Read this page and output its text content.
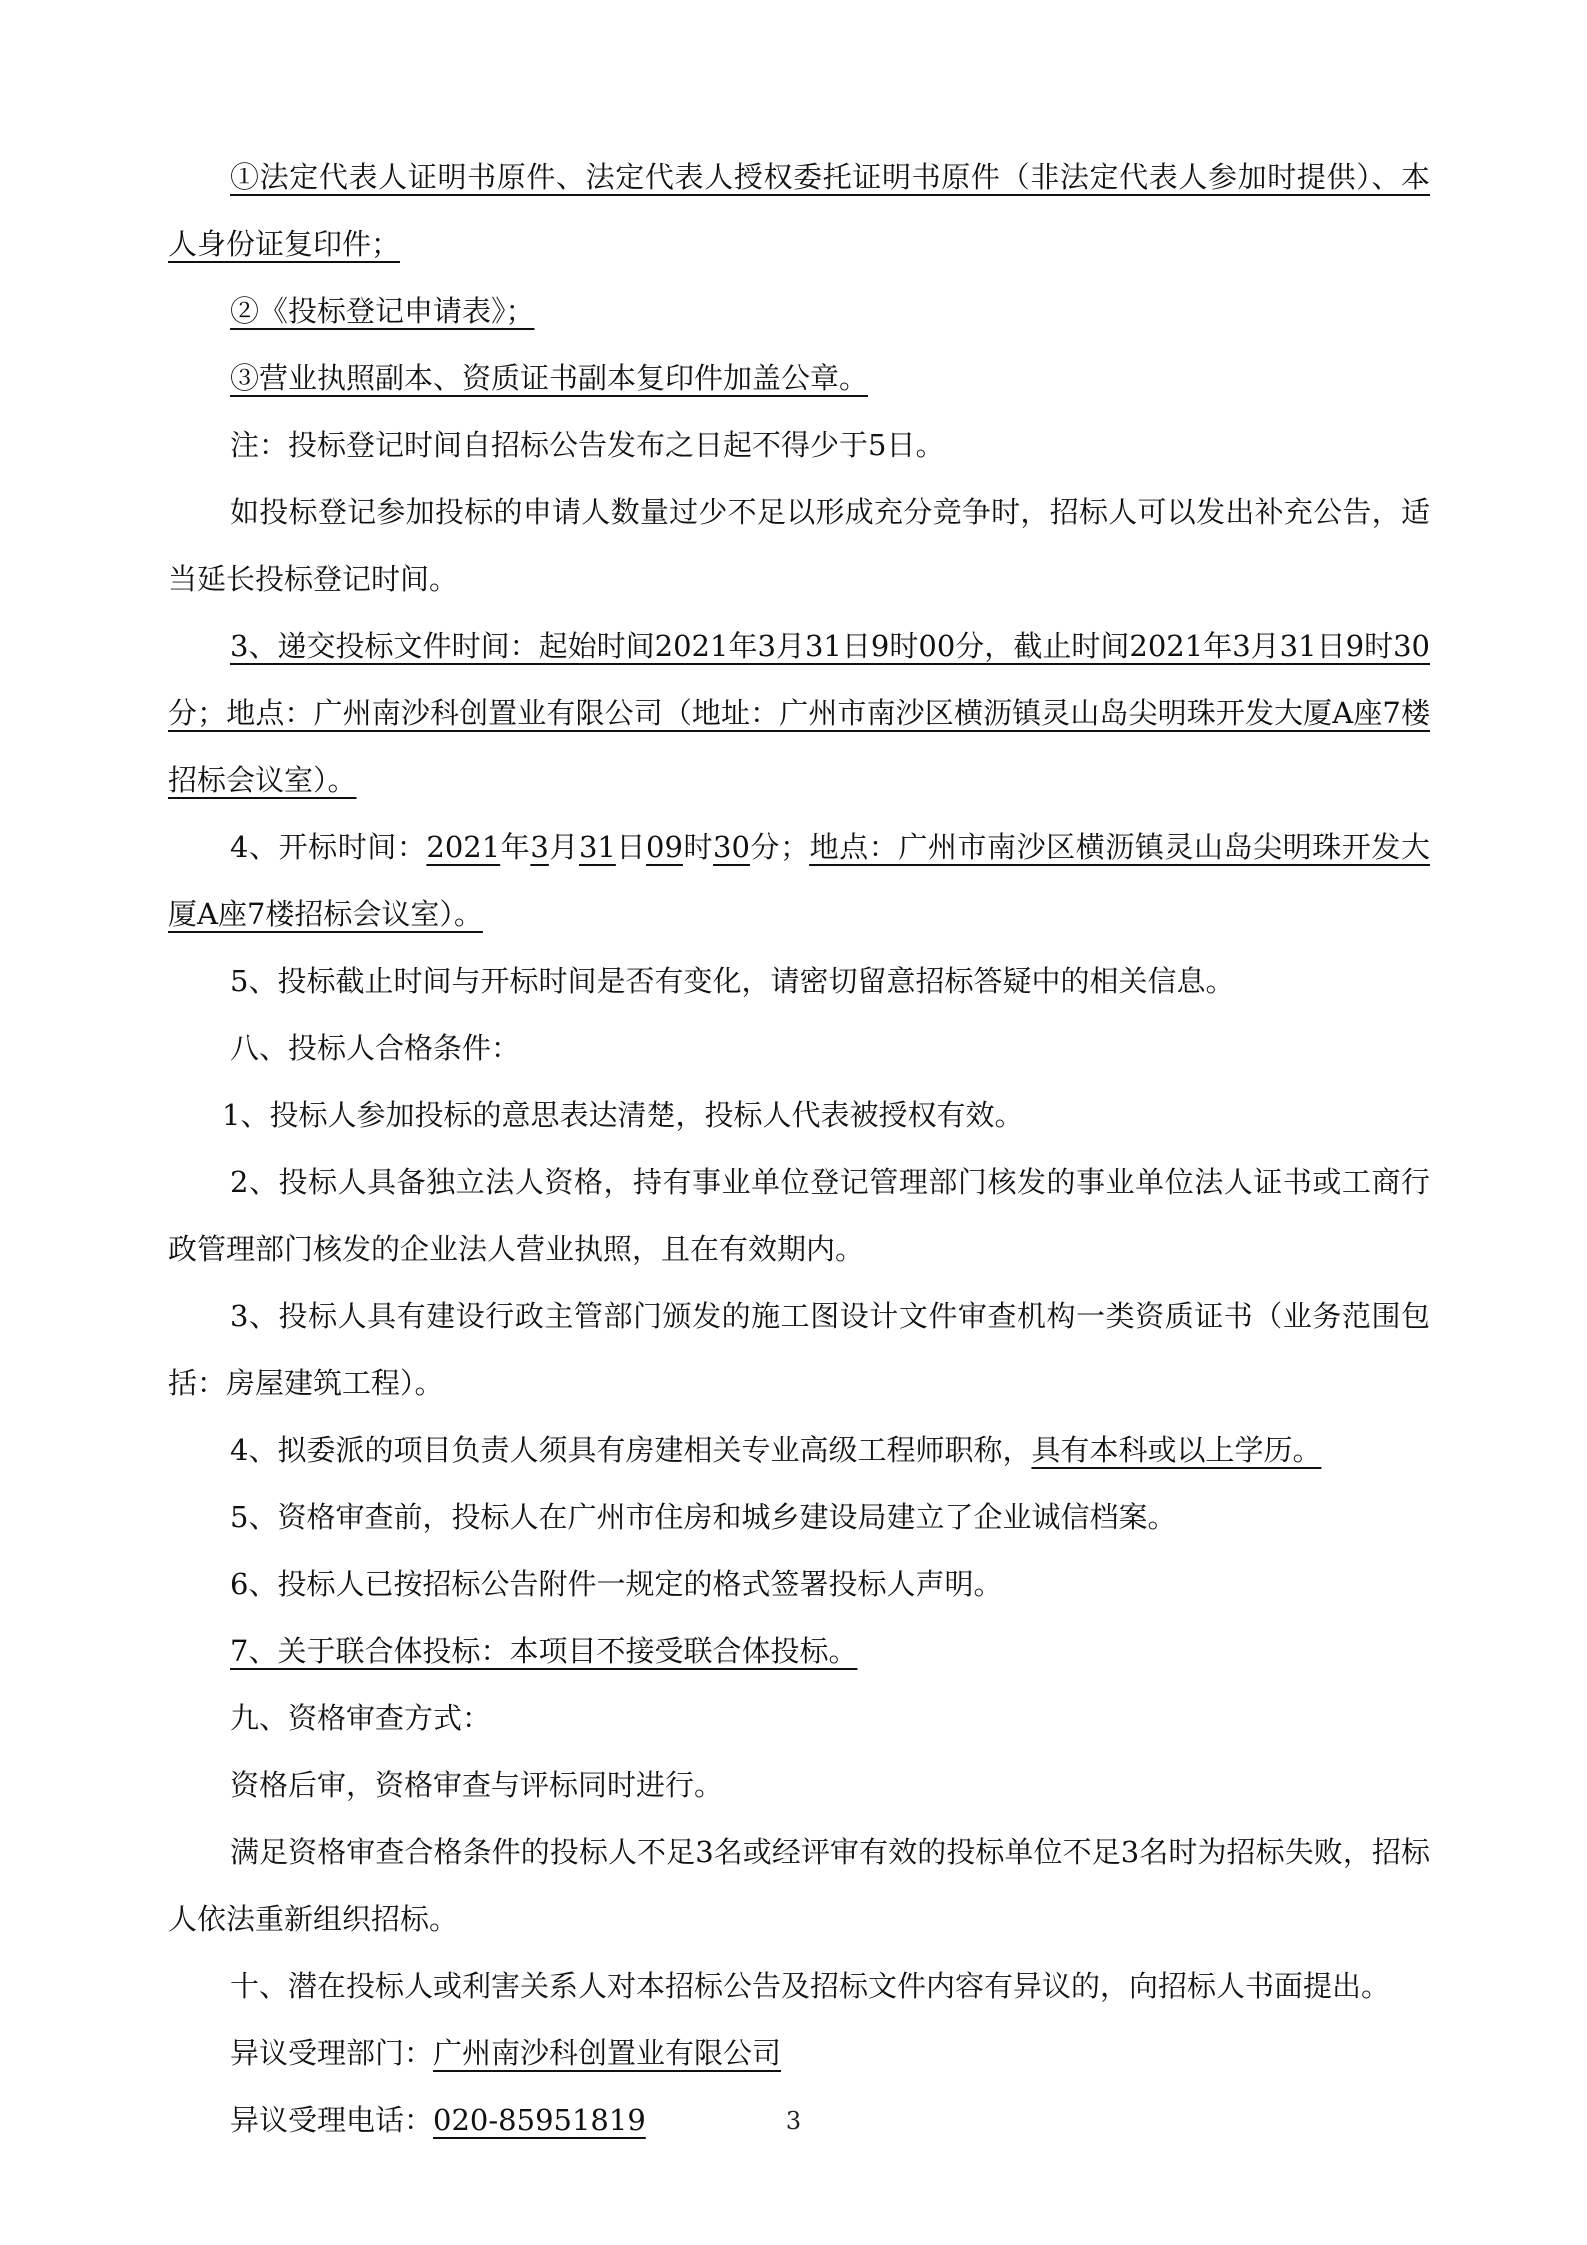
①法定代表人证明书原件、法定代表人授权委托证明书原件（非法定代表人参加时提供）、本人身份证复印件；

②《投标登记申请表》；

③营业执照副本、资质证书副本复印件加盖公章。

注：投标登记时间自招标公告发布之日起不得少于5日。

如投标登记参加投标的申请人数量过少不足以形成充分竞争时，招标人可以发出补充公告，适当延长投标登记时间。

3、递交投标文件时间：起始时间2021年3月31日9时00分，截止时间2021年3月31日9时30分；地点：广州南沙科创置业有限公司（地址：广州市南沙区横沥镇灵山岛尖明珠开发大厦A座7楼招标会议室）。

4、开标时间：2021年3月31日09时30分；地点：广州市南沙区横沥镇灵山岛尖明珠开发大厦A座7楼招标会议室）。

5、投标截止时间与开标时间是否有变化，请密切留意招标答疑中的相关信息。

八、投标人合格条件：

1、投标人参加投标的意思表达清楚，投标人代表被授权有效。

2、投标人具备独立法人资格，持有事业单位登记管理部门核发的事业单位法人证书或工商行政管理部门核发的企业法人营业执照，且在有效期内。

3、投标人具有建设行政主管部门颁发的施工图设计文件审查机构一类资质证书（业务范围包括：房屋建筑工程）。

4、拟委派的项目负责人须具有房建相关专业高级工程师职称，具有本科或以上学历。

5、资格审查前，投标人在广州市住房和城乡建设局建立了企业诚信档案。

6、投标人已按招标公告附件一规定的格式签署投标人声明。

7、关于联合体投标：本项目不接受联合体投标。

九、资格审查方式：

资格后审，资格审查与评标同时进行。

满足资格审查合格条件的投标人不足3名或经评审有效的投标单位不足3名时为招标失败，招标人依法重新组织招标。

十、潜在投标人或利害关系人对本招标公告及招标文件内容有异议的，向招标人书面提出。

异议受理部门：广州南沙科创置业有限公司

异议受理电话：020-85951819	3
